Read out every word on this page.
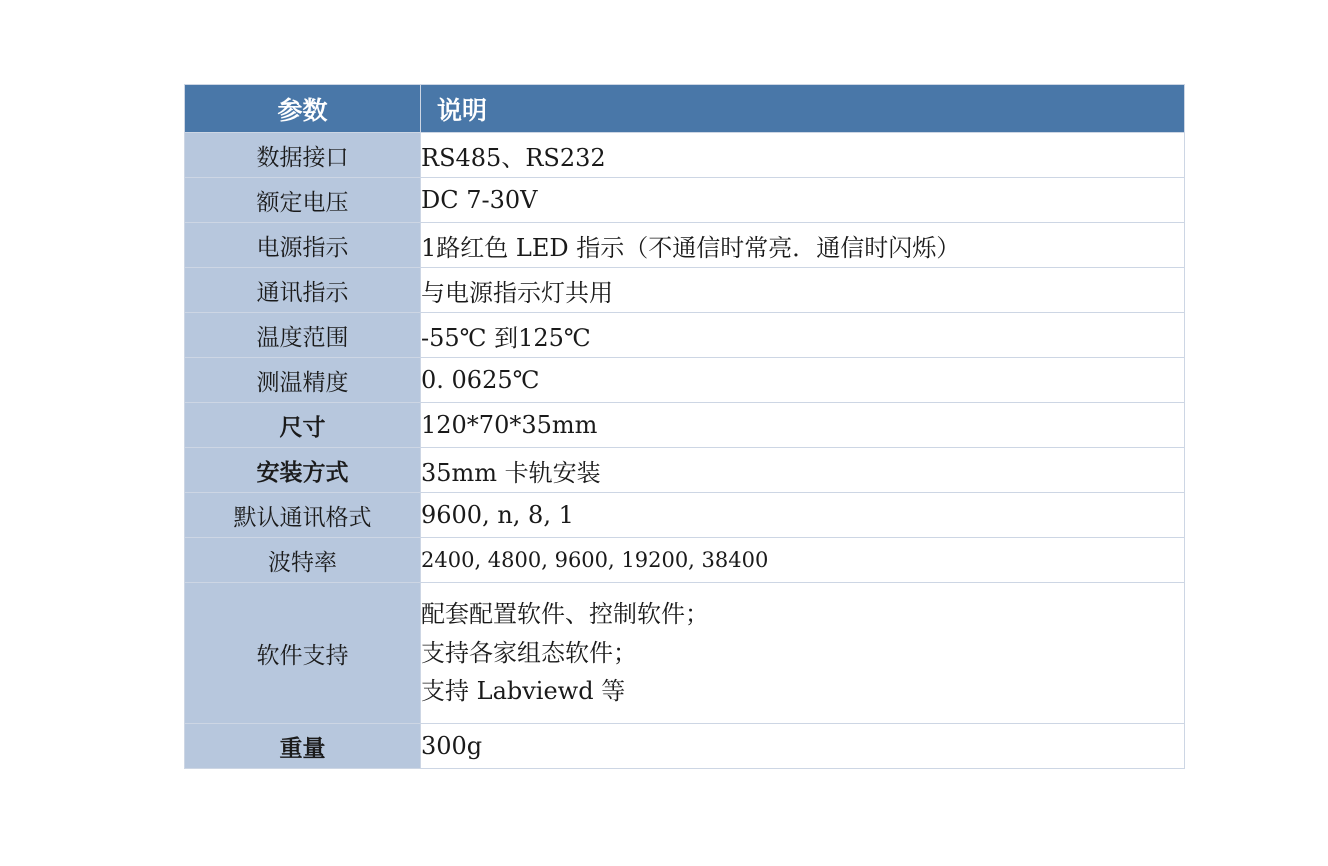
参数	说明
数据接口	RS485、RS232
额定电压	DC 7-30V
电源指示	1路红色 LED 指示（不通信时常亮．通信时闪烁）
通讯指示	与电源指示灯共用
温度范围	-55℃ 到125℃
测温精度	0. 0625℃
尺寸	120*70*35mm
安装方式	35mm 卡轨安装
默认通讯格式	9600, n, 8, 1
波特率	2400, 4800, 9600, 19200, 38400
软件支持	配套配置软件、控制软件；
支持各家组态软件；
支持 Labviewd 等

重量	300g
